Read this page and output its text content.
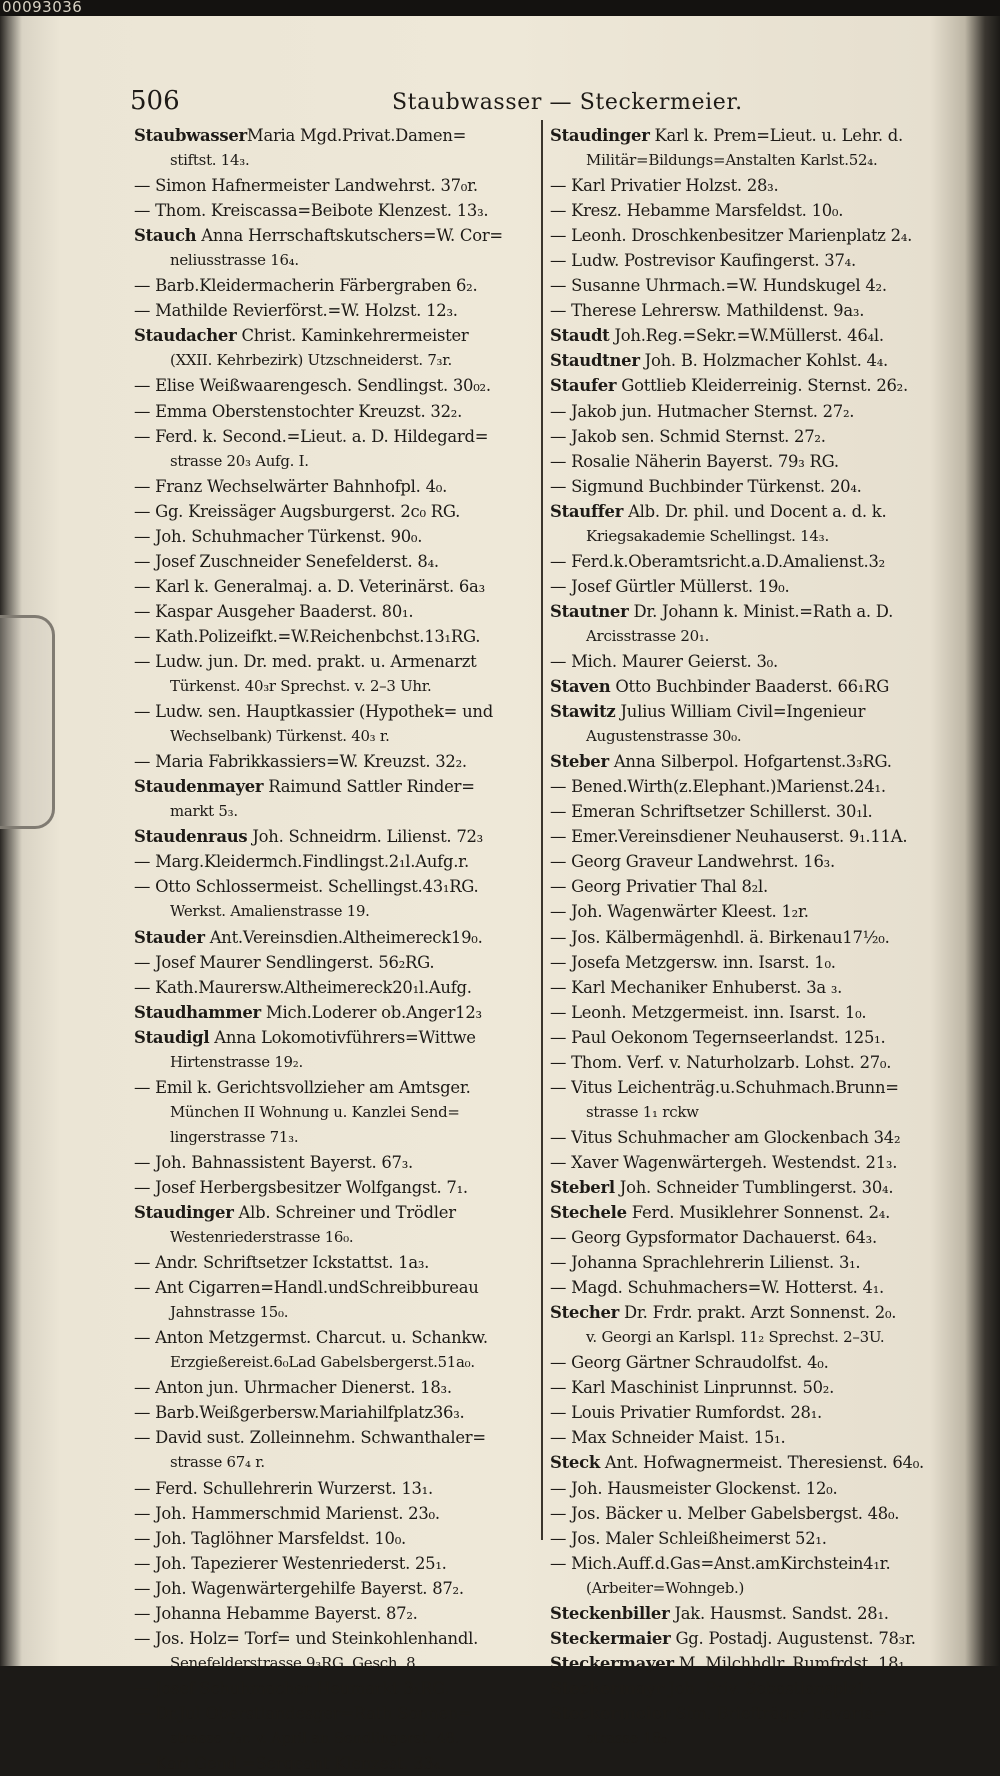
00093036
506	Staubwasser — Steckermeier.
StaubwasserMaria Mgd.Privat.Damen=
stiftst. 14₃.
— Simon Hafnermeister Landwehrst. 37₀r.
— Thom. Kreiscassa=Beibote Klenzest. 13₃.
Stauch Anna Herrschaftskutschers=W. Cor=
neliusstrasse 16₄.
— Barb.Kleidermacherin Färbergraben 6₂.
— Mathilde Revierförst.=W. Holzst. 12₃.
Staudacher Christ. Kaminkehrermeister
(XXII. Kehrbezirk) Utzschneiderst. 7₃r.
— Elise Weißwaarengesch. Sendlingst. 30₀₂.
— Emma Oberstenstochter Kreuzst. 32₂.
— Ferd. k. Second.=Lieut. a. D. Hildegard=
strasse 20₃ Aufg. I.
— Franz Wechselwärter Bahnhofpl. 4₀.
— Gg. Kreissäger Augsburgerst. 2c₀ RG.
— Joh. Schuhmacher Türkenst. 90₀.
— Josef Zuschneider Senefelderst. 8₄.
— Karl k. Generalmaj. a. D. Veterinärst. 6a₃
— Kaspar Ausgeher Baaderst. 80₁.
— Kath.Polizeifkt.=W.Reichenbchst.13₁RG.
— Ludw. jun. Dr. med. prakt. u. Armenarzt
Türkenst. 40₃r Sprechst. v. 2–3 Uhr.
— Ludw. sen. Hauptkassier (Hypothek= und
Wechselbank) Türkenst. 40₃ r.
— Maria Fabrikkassiers=W. Kreuzst. 32₂.
Staudenmayer Raimund Sattler Rinder=
markt 5₃.
Staudenraus Joh. Schneidrm. Lilienst. 72₃
— Marg.Kleidermch.Findlingst.2₁l.Aufg.r.
— Otto Schlossermeist. Schellingst.43₁RG.
Werkst. Amalienstrasse 19.
Stauder Ant.Vereinsdien.Altheimereck19₀.
— Josef Maurer Sendlingerst. 56₂RG.
— Kath.Maurersw.Altheimereck20₁l.Aufg.
Staudhammer Mich.Loderer ob.Anger12₃
Staudigl Anna Lokomotivführers=Wittwe
Hirtenstrasse 19₂.
— Emil k. Gerichtsvollzieher am Amtsger.
München II Wohnung u. Kanzlei Send=
lingerstrasse 71₃.
— Joh. Bahnassistent Bayerst. 67₃.
— Josef Herbergsbesitzer Wolfgangst. 7₁.
Staudinger Alb. Schreiner und Trödler
Westenriederstrasse 16₀.
— Andr. Schriftsetzer Ickstattst. 1a₃.
— Ant Cigarren=Handl.undSchreibbureau
Jahnstrasse 15₀.
— Anton Metzgermst. Charcut. u. Schankw.
Erzgießereist.6₀Lad Gabelsbergerst.51a₀.
— Anton jun. Uhrmacher Dienerst. 18₃.
— Barb.Weißgerbersw.Mariahilfplatz36₃.
— David sust. Zolleinnehm. Schwanthaler=
strasse 67₄ r.
— Ferd. Schullehrerin Wurzerst. 13₁.
— Joh. Hammerschmid Marienst. 23₀.
— Joh. Taglöhner Marsfeldst. 10₀.
— Joh. Tapezierer Westenriederst. 25₁.
— Joh. Wagenwärtergehilfe Bayerst. 87₂.
— Johanna Hebamme Bayerst. 87₂.
— Jos. Holz= Torf= und Steinkohlenhandl.
Senefelderstrasse 9₃RG. Gesch. 8.
— Josef Schuhmacher Heumarkt 3₁RG.
— Dr.Jul Oberstlandesger=Rath Sonnen=
strasse 7₃r. v. April an Sendlingerst. 48.
— Karl Gend.=Sergeant Klenzest. 33₄.
Staudinger Karl k. Prem=Lieut. u. Lehr. d.
Militär=Bildungs=Anstalten Karlst.52₄.
— Karl Privatier Holzst. 28₃.
— Kresz. Hebamme Marsfeldst. 10₀.
— Leonh. Droschkenbesitzer Marienplatz 2₄.
— Ludw. Postrevisor Kaufingerst. 37₄.
— Susanne Uhrmach.=W. Hundskugel 4₂.
— Therese Lehrersw. Mathildenst. 9a₃.
Staudt Joh.Reg.=Sekr.=W.Müllerst. 46₄l.
Staudtner Joh. B. Holzmacher Kohlst. 4₄.
Staufer Gottlieb Kleiderreinig. Sternst. 26₂.
— Jakob jun. Hutmacher Sternst. 27₂.
— Jakob sen. Schmid Sternst. 27₂.
— Rosalie Näherin Bayerst. 79₃ RG.
— Sigmund Buchbinder Türkenst. 20₄.
Stauffer Alb. Dr. phil. und Docent a. d. k.
Kriegsakademie Schellingst. 14₃.
— Ferd.k.Oberamtsricht.a.D.Amalienst.3₂
— Josef Gürtler Müllerst. 19₀.
Stautner Dr. Johann k. Minist.=Rath a. D.
Arcisstrasse 20₁.
— Mich. Maurer Geierst. 3₀.
Staven Otto Buchbinder Baaderst. 66₁RG
Stawitz Julius William Civil=Ingenieur
Augustenstrasse 30₀.
Steber Anna Silberpol. Hofgartenst.3₃RG.
— Bened.Wirth(z.Elephant.)Marienst.24₁.
— Emeran Schriftsetzer Schillerst. 30₁l.
— Emer.Vereinsdiener Neuhauserst. 9₁.11A.
— Georg Graveur Landwehrst. 16₃.
— Georg Privatier Thal 8₂l.
— Joh. Wagenwärter Kleest. 1₂r.
— Jos. Kälbermägenhdl. ä. Birkenau17½₀.
— Josefa Metzgersw. inn. Isarst. 1₀.
— Karl Mechaniker Enhuberst. 3a ₃.
— Leonh. Metzgermeist. inn. Isarst. 1₀.
— Paul Oekonom Tegernseerlandst. 125₁.
— Thom. Verf. v. Naturholzarb. Lohst. 27₀.
— Vitus Leichenträg.u.Schuhmach.Brunn=
strasse 1₁ rckw
— Vitus Schuhmacher am Glockenbach 34₂
— Xaver Wagenwärtergeh. Westendst. 21₃.
Steberl Joh. Schneider Tumblingerst. 30₄.
Stechele Ferd. Musiklehrer Sonnenst. 2₄.
— Georg Gypsformator Dachauerst. 64₃.
— Johanna Sprachlehrerin Lilienst. 3₁.
— Magd. Schuhmachers=W. Hotterst. 4₁.
Stecher Dr. Frdr. prakt. Arzt Sonnenst. 2₀.
v. Georgi an Karlspl. 11₂ Sprechst. 2–3U.
— Georg Gärtner Schraudolfst. 4₀.
— Karl Maschinist Linprunnst. 50₂.
— Louis Privatier Rumfordst. 28₁.
— Max Schneider Maist. 15₁.
Steck Ant. Hofwagnermeist. Theresienst. 64₀.
— Joh. Hausmeister Glockenst. 12₀.
— Jos. Bäcker u. Melber Gabelsbergst. 48₀.
— Jos. Maler Schleißheimerst 52₁.
— Mich.Auff.d.Gas=Anst.amKirchstein4₁r.
(Arbeiter=Wohngeb.)
Steckenbiller Jak. Hausmst. Sandst. 28₁.
Steckermaier Gg. Postadj. Augustenst. 78₃r.
Steckermayer M. Milchhdlr. Rumfrdst. 18₁.
Steckermayr Joh. Priv. Sebastiansplz1₁.
Steckermeier Sim. Briefträger Bavaria=
strasse 18₀.
